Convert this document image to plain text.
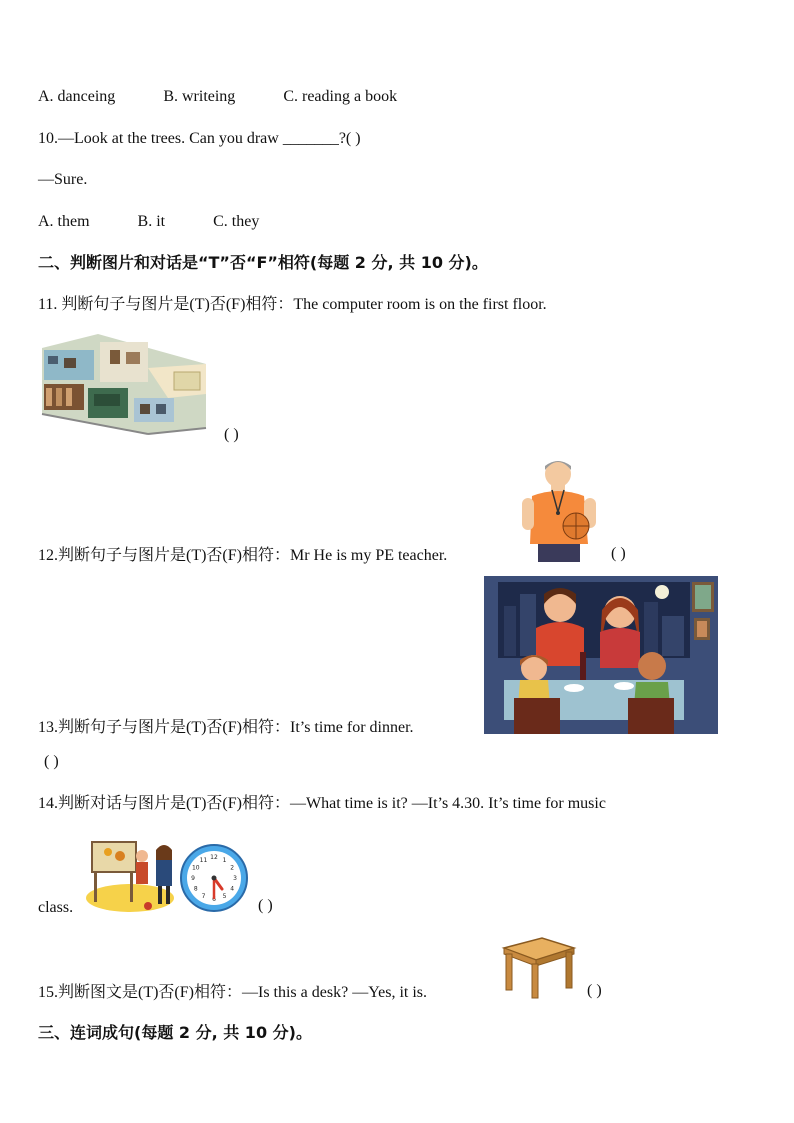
A. danceing	B. writeing	C. reading a book
10.—Look at the trees. Can you draw _______?( )
—Sure.
A. them	B. it	C. they
二、判断图片和对话是“T”否“F”相符(每题 2 分, 共 10 分)。
11. 判断句子与图片是(T)否(F)相符：The computer room is on the first floor.
( )
12.判断句子与图片是(T)否(F)相符：Mr He is my PE teacher.	( )
13.判断句子与图片是(T)否(F)相符：It’s time for dinner.
( )
14.判断对话与图片是(T)否(F)相符：—What time is it? —It’s 4.30. It’s time for music
12 1
2
3
4
5
6
7
8
9
10
11
class.	( )
15.判断图文是(T)否(F)相符：—Is this a desk? —Yes, it is.	( )
三、连词成句(每题 2 分, 共 10 分)。
